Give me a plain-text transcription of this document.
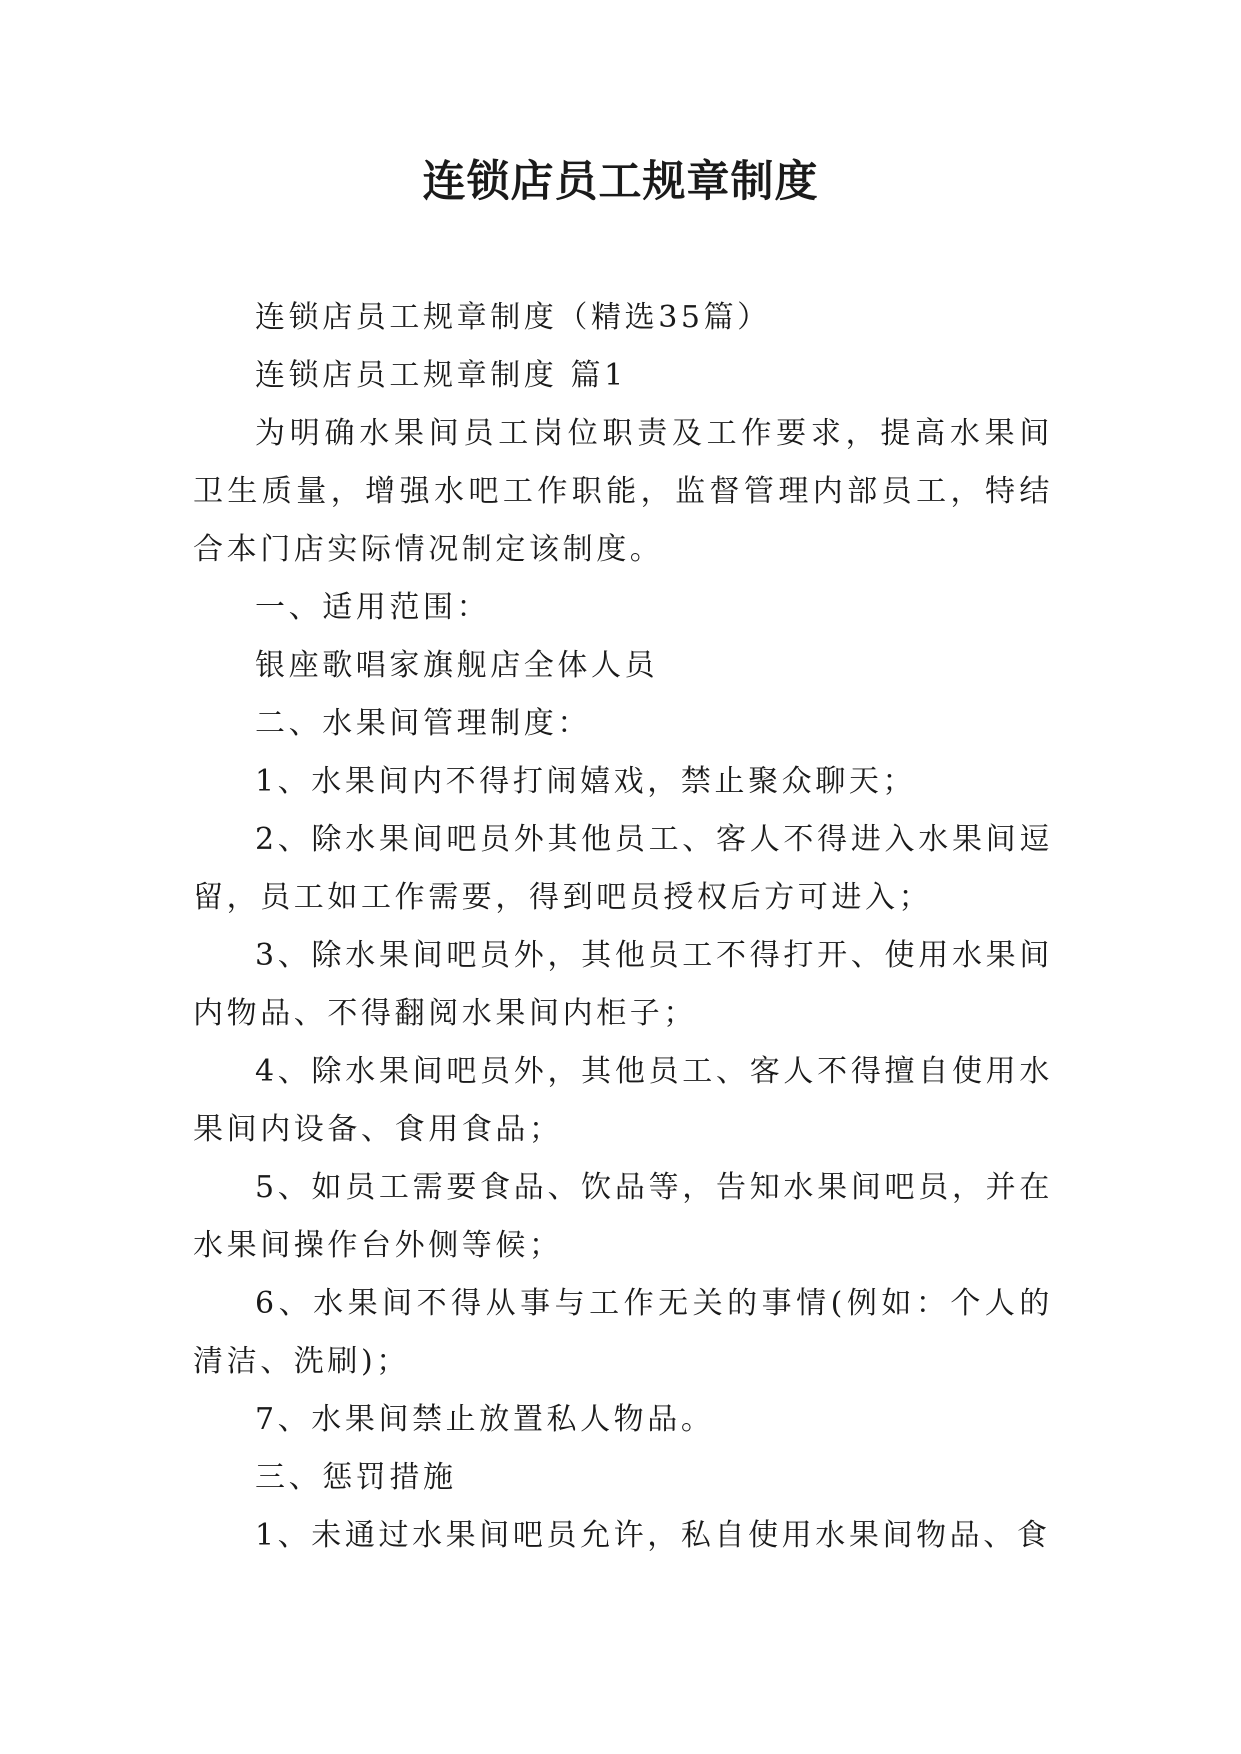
连锁店员工规章制度

连锁店员工规章制度（精选35篇）

连锁店员工规章制度 篇1

为明确水果间员工岗位职责及工作要求，提高水果间卫生质量，增强水吧工作职能，监督管理内部员工，特结合本门店实际情况制定该制度。

一、适用范围：

银座歌唱家旗舰店全体人员

二、水果间管理制度：

1、水果间内不得打闹嬉戏，禁止聚众聊天；

2、除水果间吧员外其他员工、客人不得进入水果间逗留，员工如工作需要，得到吧员授权后方可进入；

3、除水果间吧员外，其他员工不得打开、使用水果间内物品、不得翻阅水果间内柜子；

4、除水果间吧员外，其他员工、客人不得擅自使用水果间内设备、食用食品；

5、如员工需要食品、饮品等，告知水果间吧员，并在水果间操作台外侧等候；

6、水果间不得从事与工作无关的事情(例如：个人的清洁、洗刷)；

7、水果间禁止放置私人物品。

三、惩罚措施

1、未通过水果间吧员允许，私自使用水果间物品、食
